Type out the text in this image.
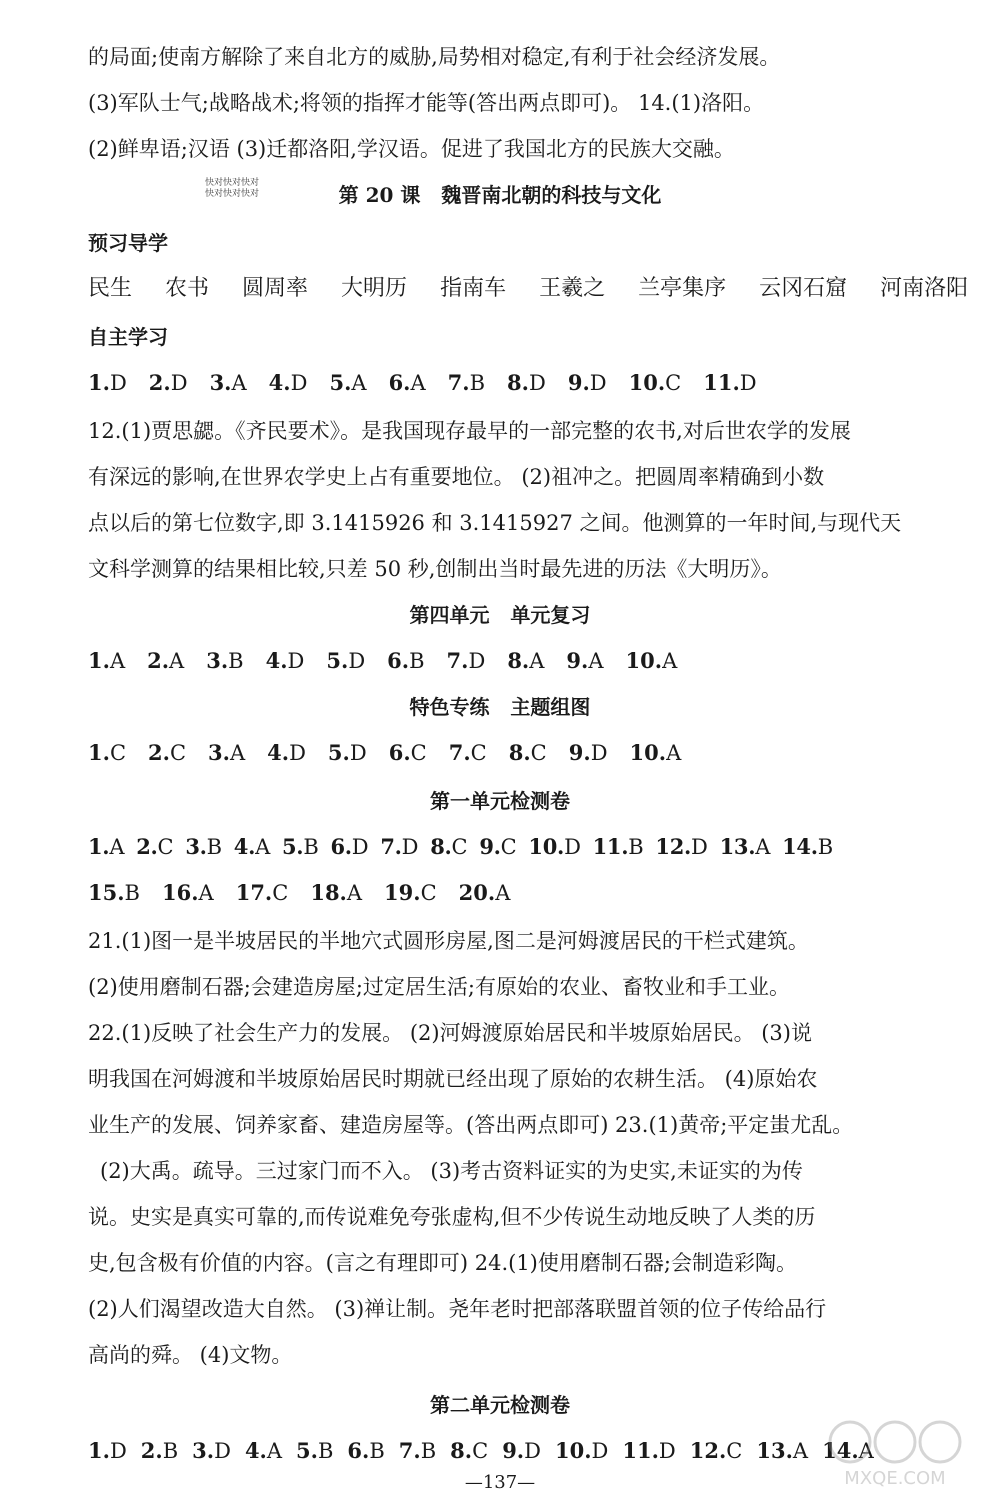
的局面;使南方解除了来自北方的威胁,局势相对稳定,有利于社会经济发展。
(3)军队士气;战略战术;将领的指挥才能等(答出两点即可)。 14.(1)洛阳。
(2)鲜卑语;汉语 (3)迁都洛阳,学汉语。促进了我国北方的民族大交融。
快对快对快对
快对快对快对	第 20 课   魏晋南北朝的科技与文化
预习导学
民生 农书 圆周率 大明历 指南车 王羲之 兰亭集序 云冈石窟 河南洛阳
自主学习
1.D 2.D 3.A 4.D 5.A 6.A 7.B 8.D 9.D 10.C 11.D
12.(1)贾思勰。《齐民要术》。是我国现存最早的一部完整的农书,对后世农学的发展
有深远的影响,在世界农学史上占有重要地位。 (2)祖冲之。把圆周率精确到小数
点以后的第七位数字,即 3.1415926 和 3.1415927 之间。他测算的一年时间,与现代天
文科学测算的结果相比较,只差 50 秒,创制出当时最先进的历法《大明历》。
第四单元   单元复习
1.A 2.A 3.B 4.D 5.D 6.B 7.D 8.A 9.A 10.A
特色专练   主题组图
1.C 2.C 3.A 4.D 5.D 6.C 7.C 8.C 9.D 10.A
第一单元检测卷
1.A 2.C 3.B 4.A 5.B 6.D 7.D 8.C 9.C 10.D 11.B 12.D 13.A 14.B
15.B 16.A 17.C 18.A 19.C 20.A
21.(1)图一是半坡居民的半地穴式圆形房屋,图二是河姆渡居民的干栏式建筑。
(2)使用磨制石器;会建造房屋;过定居生活;有原始的农业、畜牧业和手工业。
22.(1)反映了社会生产力的发展。 (2)河姆渡原始居民和半坡原始居民。 (3)说
明我国在河姆渡和半坡原始居民时期就已经出现了原始的农耕生活。 (4)原始农
业生产的发展、饲养家畜、建造房屋等。(答出两点即可) 23.(1)黄帝;平定蚩尤乱。
(2)大禹。疏导。三过家门而不入。 (3)考古资料证实的为史实,未证实的为传
说。史实是真实可靠的,而传说难免夸张虚构,但不少传说生动地反映了人类的历
史,包含极有价值的内容。(言之有理即可) 24.(1)使用磨制石器;会制造彩陶。
(2)人们渴望改造大自然。 (3)禅让制。尧年老时把部落联盟首领的位子传给品行
高尚的舜。 (4)文物。
第二单元检测卷
1.D 2.B 3.D 4.A 5.B 6.B 7.B 8.C 9.D 10.D 11.D 12.C 13.A 14.A
—137—	MXQE.COM
